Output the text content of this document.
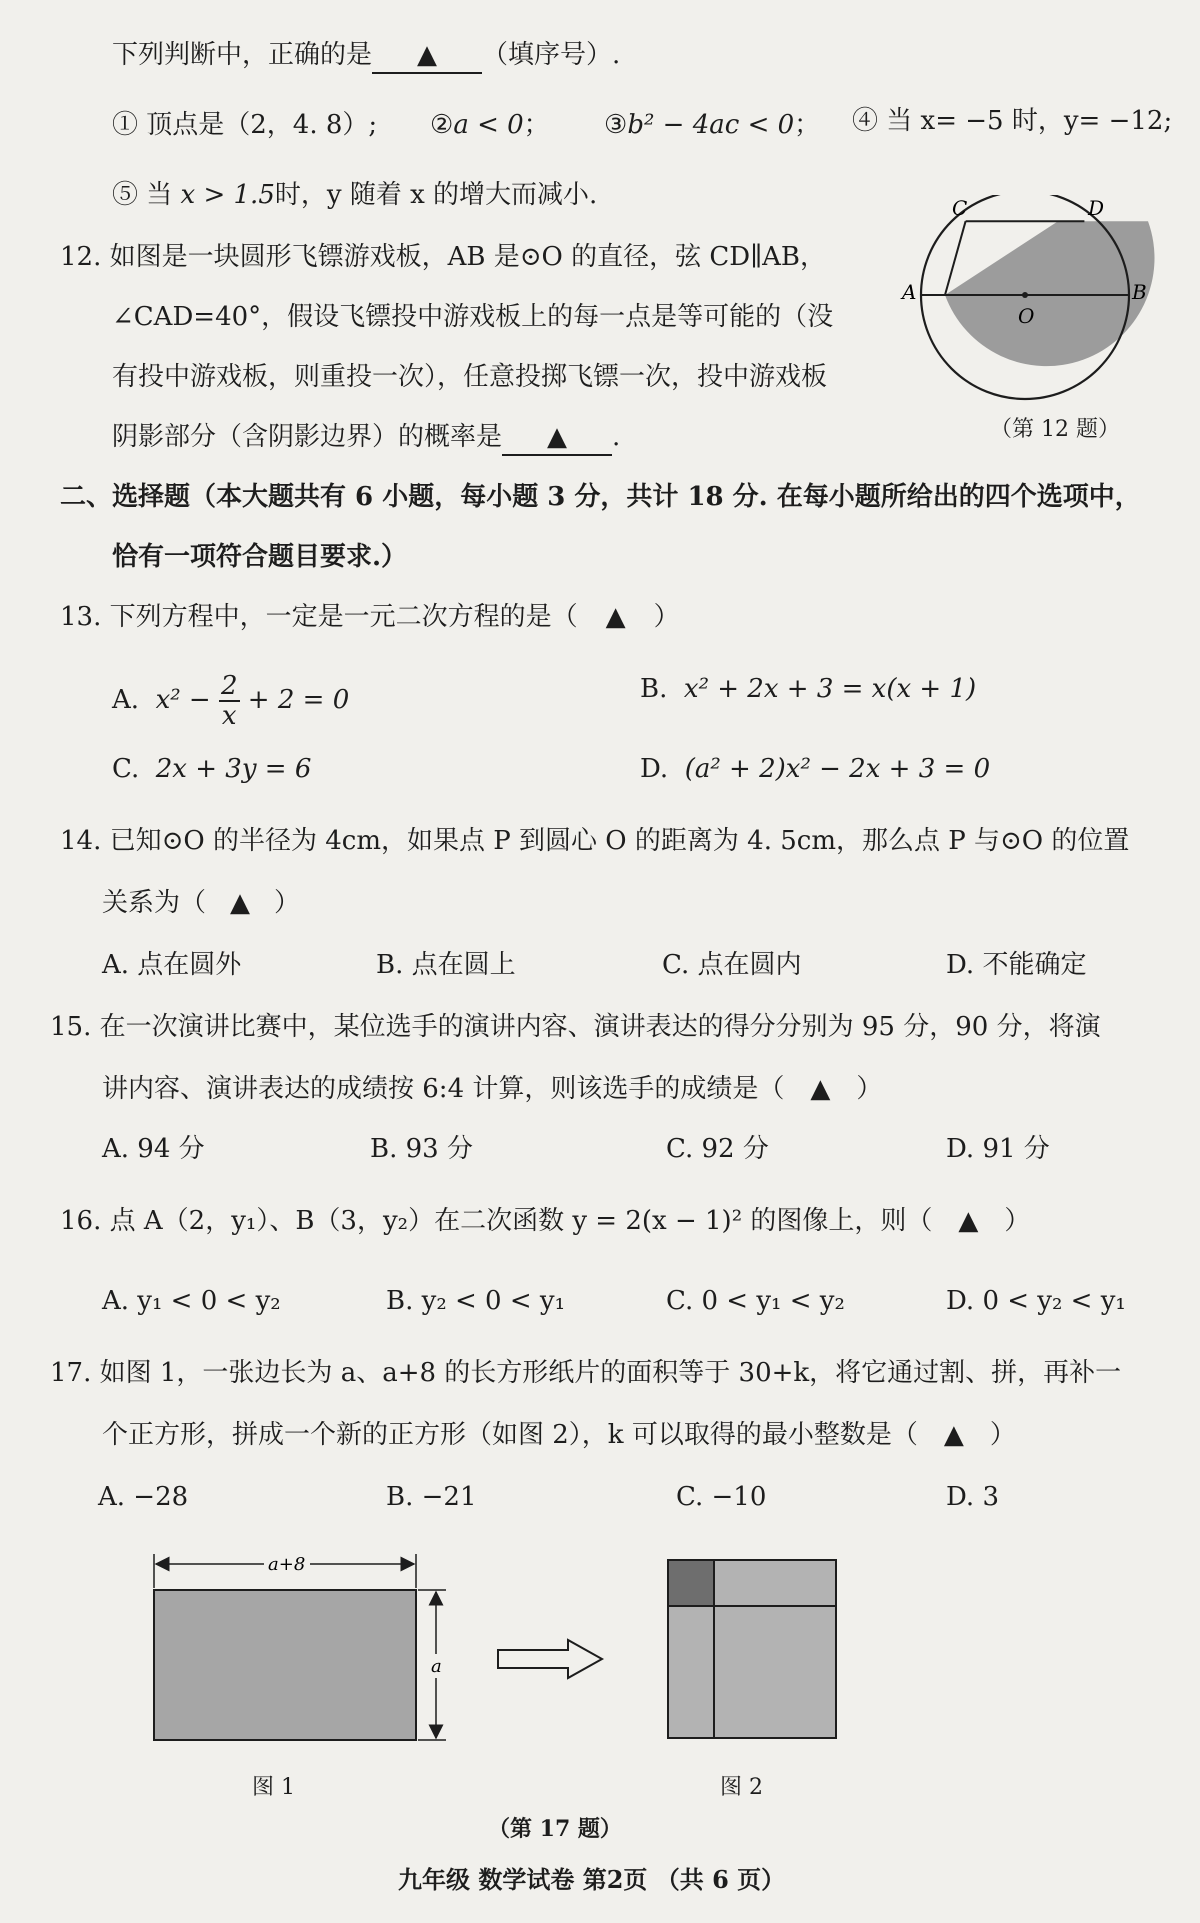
下列判断中，正确的是 ▲ （填序号）.
① 顶点是（2，4. 8）; ②a < 0； ③b² − 4ac < 0； ④ 当 x= −5 时，y= −12;
⑤ 当 x > 1.5时，y 随着 x 的增大而减小.
12. 如图是一块圆形飞镖游戏板，AB 是⊙O 的直径，弦 CD∥AB，
∠CAD=40°，假设飞镖投中游戏板上的每一点是等可能的（没
有投中游戏板，则重投一次），任意投掷飞镖一次，投中游戏板
阴影部分（含阴影边界）的概率是 ▲ .
C	D
A	B
O
（第 12 题）
二、选择题（本大题共有 6 小题，每小题 3 分，共计 18 分. 在每小题所给出的四个选项中，
恰有一项符合题目要求.）
13. 下列方程中，一定是一元二次方程的是（ ▲ ）
A. $x^2 - \frac{2}{x} + 2 = 0$	B. x² + 2x + 3 = x(x + 1)
C. 2x + 3y = 6	D. (a² + 2)x² − 2x + 3 = 0
14. 已知⊙O 的半径为 4cm，如果点 P 到圆心 O 的距离为 4. 5cm，那么点 P 与⊙O 的位置
关系为（ ▲ ）
A. 点在圆外	B. 点在圆上	C. 点在圆内	D. 不能确定
15. 在一次演讲比赛中，某位选手的演讲内容、演讲表达的得分分别为 95 分，90 分，将演
讲内容、演讲表达的成绩按 6:4 计算，则该选手的成绩是（ ▲ ）
A. 94 分	B. 93 分	C. 92 分	D. 91 分
16. 点 A（2，y₁）、B（3，y₂）在二次函数 y = 2(x − 1)² 的图像上，则（ ▲ ）
A. y₁ < 0 < y₂	B. y₂ < 0 < y₁	C. 0 < y₁ < y₂	D. 0 < y₂ < y₁
17. 如图 1，一张边长为 a、a+8 的长方形纸片的面积等于 30+k，将它通过割、拼，再补一
个正方形，拼成一个新的正方形（如图 2），k 可以取得的最小整数是（ ▲ ）
A. −28	B. −21	C. −10	D. 3
a+8
a
图 1	图 2
（第 17 题）
九年级 数学试卷 第2页 （共 6 页）
